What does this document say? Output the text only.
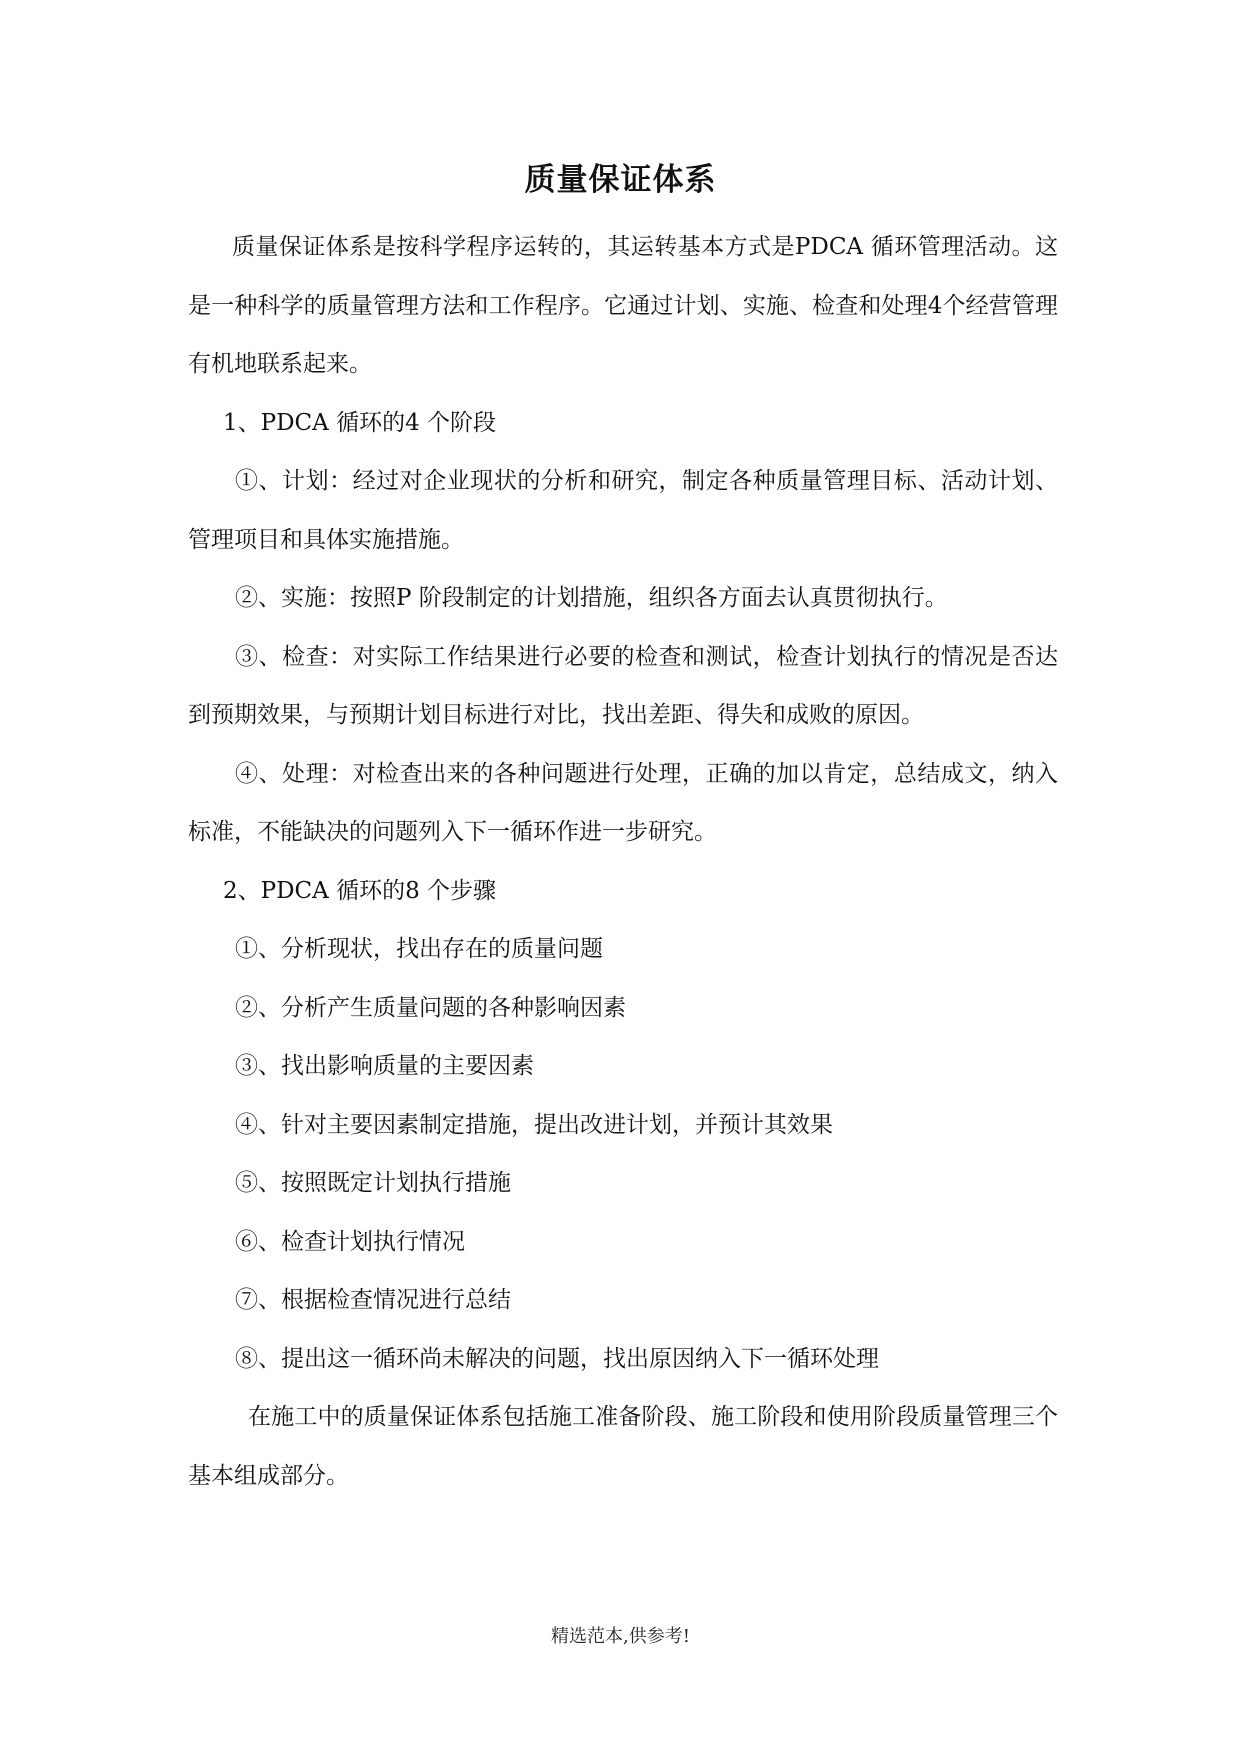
质量保证体系

质量保证体系是按科学程序运转的，其运转基本方式是PDCA 循环管理活动。这是一种科学的质量管理方法和工作程序。它通过计划、实施、检查和处理4个经营管理有机地联系起来。

1、PDCA 循环的4 个阶段

①、计划：经过对企业现状的分析和研究，制定各种质量管理目标、活动计划、管理项目和具体实施措施。

②、实施：按照P 阶段制定的计划措施，组织各方面去认真贯彻执行。

③、检查：对实际工作结果进行必要的检查和测试，检查计划执行的情况是否达到预期效果，与预期计划目标进行对比，找出差距、得失和成败的原因。

④、处理：对检查出来的各种问题进行处理，正确的加以肯定，总结成文，纳入标准，不能缺决的问题列入下一循环作进一步研究。

2、PDCA 循环的8 个步骤

①、分析现状，找出存在的质量问题

②、分析产生质量问题的各种影响因素

③、找出影响质量的主要因素

④、针对主要因素制定措施，提出改进计划，并预计其效果

⑤、按照既定计划执行措施

⑥、检查计划执行情况

⑦、根据检查情况进行总结

⑧、提出这一循环尚未解决的问题，找出原因纳入下一循环处理

在施工中的质量保证体系包括施工准备阶段、施工阶段和使用阶段质量管理三个基本组成部分。

精选范本,供参考!
